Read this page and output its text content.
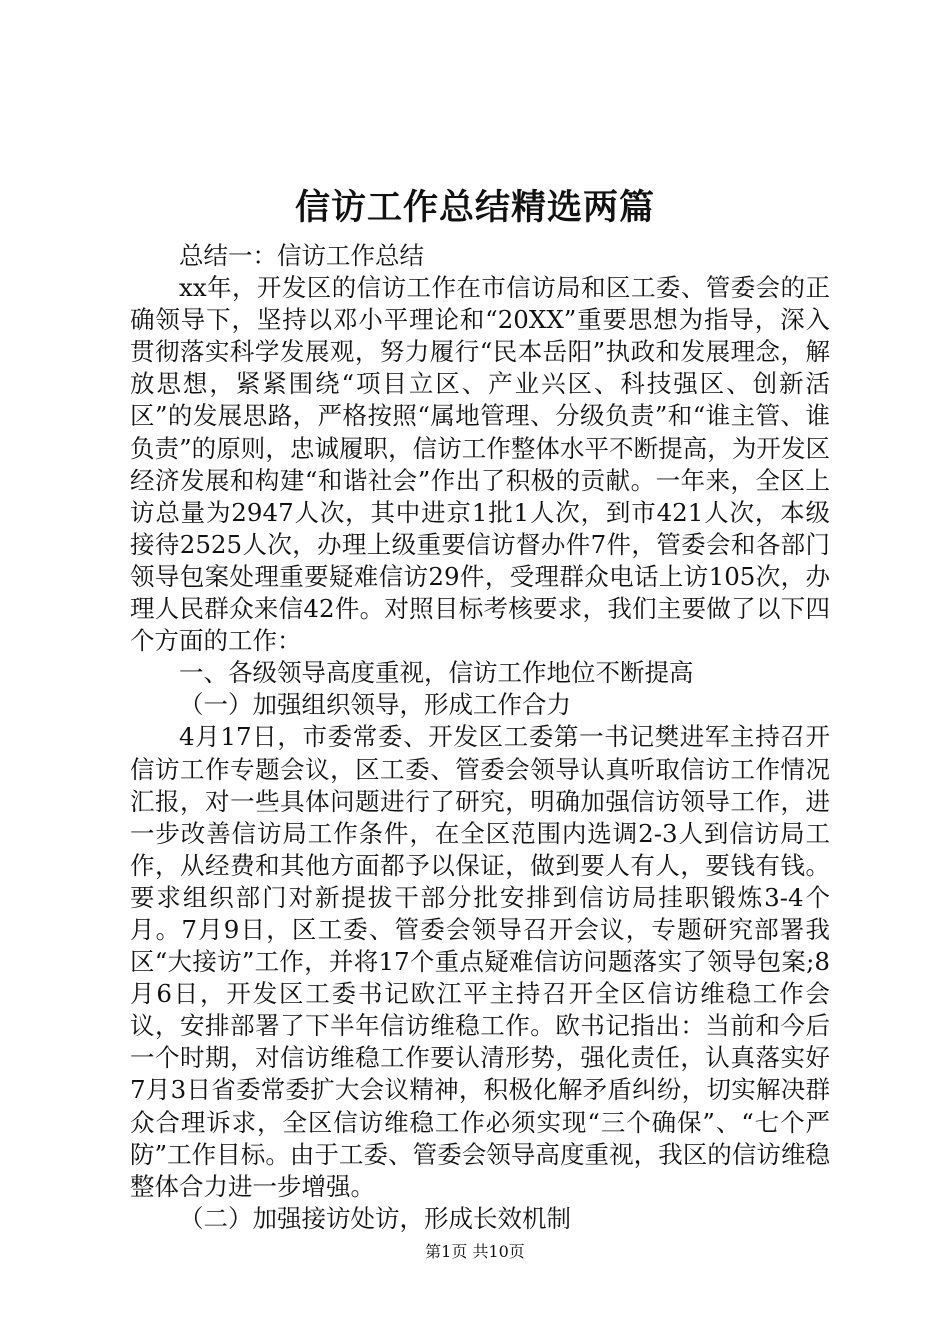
信访工作总结精选两篇

总结一：信访工作总结

xx年，开发区的信访工作在市信访局和区工委、管委会的正确领导下，坚持以邓小平理论和“20XX”重要思想为指导，深入贯彻落实科学发展观，努力履行“民本岳阳”执政和发展理念，解放思想，紧紧围绕“项目立区、产业兴区、科技强区、创新活区”的发展思路，严格按照“属地管理、分级负责”和“谁主管、谁负责”的原则，忠诚履职，信访工作整体水平不断提高，为开发区经济发展和构建“和谐社会”作出了积极的贡献。一年来，全区上访总量为2947人次，其中进京1批1人次，到市421人次，本级接待2525人次，办理上级重要信访督办件7件，管委会和各部门领导包案处理重要疑难信访29件，受理群众电话上访105次，办理人民群众来信42件。对照目标考核要求，我们主要做了以下四个方面的工作：

一、各级领导高度重视，信访工作地位不断提高

（一）加强组织领导，形成工作合力

4月17日，市委常委、开发区工委第一书记樊进军主持召开信访工作专题会议，区工委、管委会领导认真听取信访工作情况汇报，对一些具体问题进行了研究，明确加强信访领导工作，进一步改善信访局工作条件，在全区范围内选调2-3人到信访局工作，从经费和其他方面都予以保证，做到要人有人，要钱有钱。要求组织部门对新提拔干部分批安排到信访局挂职锻炼3-4个月。7月9日，区工委、管委会领导召开会议，专题研究部署我区“大接访”工作，并将17个重点疑难信访问题落实了领导包案;8月6日，开发区工委书记欧江平主持召开全区信访维稳工作会议，安排部署了下半年信访维稳工作。欧书记指出：当前和今后一个时期，对信访维稳工作要认清形势，强化责任，认真落实好7月3日省委常委扩大会议精神，积极化解矛盾纠纷，切实解决群众合理诉求，全区信访维稳工作必须实现“三个确保”、“七个严防”工作目标。由于工委、管委会领导高度重视，我区的信访维稳整体合力进一步增强。

（二）加强接访处访，形成长效机制

第1页 共10页
